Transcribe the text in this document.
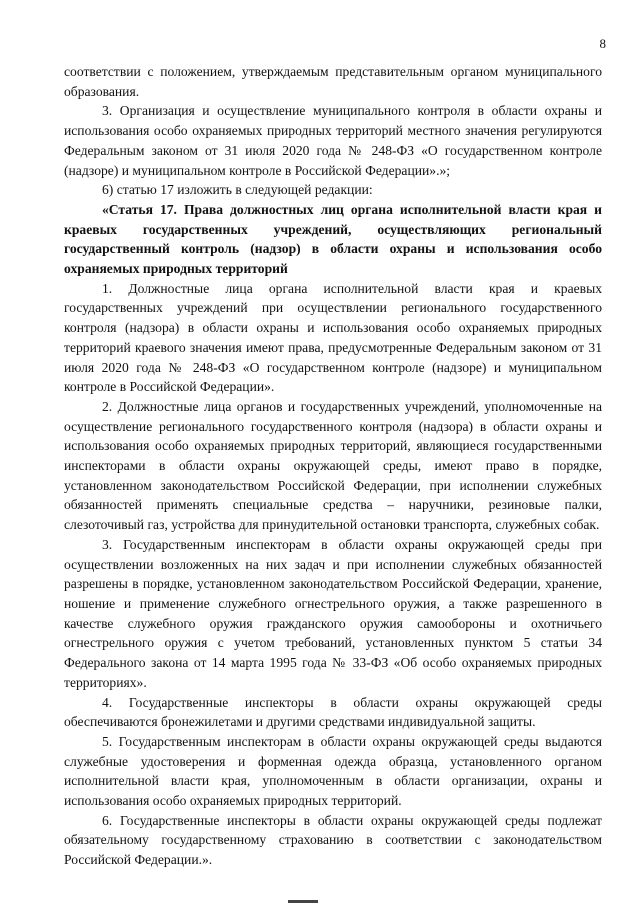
8

соответствии с положением, утверждаемым представительным органом муниципального образования.

3. Организация и осуществление муниципального контроля в области охраны и использования особо охраняемых природных территорий местного значения регулируются Федеральным законом от 31 июля 2020 года № 248-ФЗ «О государственном контроле (надзоре) и муниципальном контроле в Российской Федерации».»;

6) статью 17 изложить в следующей редакции:

«Статья 17. Права должностных лиц органа исполнительной власти края и краевых государственных учреждений, осуществляющих региональный государственный контроль (надзор) в области охраны и использования особо охраняемых природных территорий

1. Должностные лица органа исполнительной власти края и краевых государственных учреждений при осуществлении регионального государственного контроля (надзора) в области охраны и использования особо охраняемых природных территорий краевого значения имеют права, предусмотренные Федеральным законом от 31 июля 2020 года № 248-ФЗ «О государственном контроле (надзоре) и муниципальном контроле в Российской Федерации».

2. Должностные лица органов и государственных учреждений, уполномоченные на осуществление регионального государственного контроля (надзора) в области охраны и использования особо охраняемых природных территорий, являющиеся государственными инспекторами в области охраны окружающей среды, имеют право в порядке, установленном законодательством Российской Федерации, при исполнении служебных обязанностей применять специальные средства – наручники, резиновые палки, слезоточивый газ, устройства для принудительной остановки транспорта, служебных собак.

3. Государственным инспекторам в области охраны окружающей среды при осуществлении возложенных на них задач и при исполнении служебных обязанностей разрешены в порядке, установленном законодательством Российской Федерации, хранение, ношение и применение служебного огнестрельного оружия, а также разрешенного в качестве служебного оружия гражданского оружия самообороны и охотничьего огнестрельного оружия с учетом требований, установленных пунктом 5 статьи 34 Федерального закона от 14 марта 1995 года № 33-ФЗ «Об особо охраняемых природных территориях».

4. Государственные инспекторы в области охраны окружающей среды обеспечиваются бронежилетами и другими средствами индивидуальной защиты.

5. Государственным инспекторам в области охраны окружающей среды выдаются служебные удостоверения и форменная одежда образца, установленного органом исполнительной власти края, уполномоченным в области организации, охраны и использования особо охраняемых природных территорий.

6. Государственные инспекторы в области охраны окружающей среды подлежат обязательному государственному страхованию в соответствии с законодательством Российской Федерации.».
